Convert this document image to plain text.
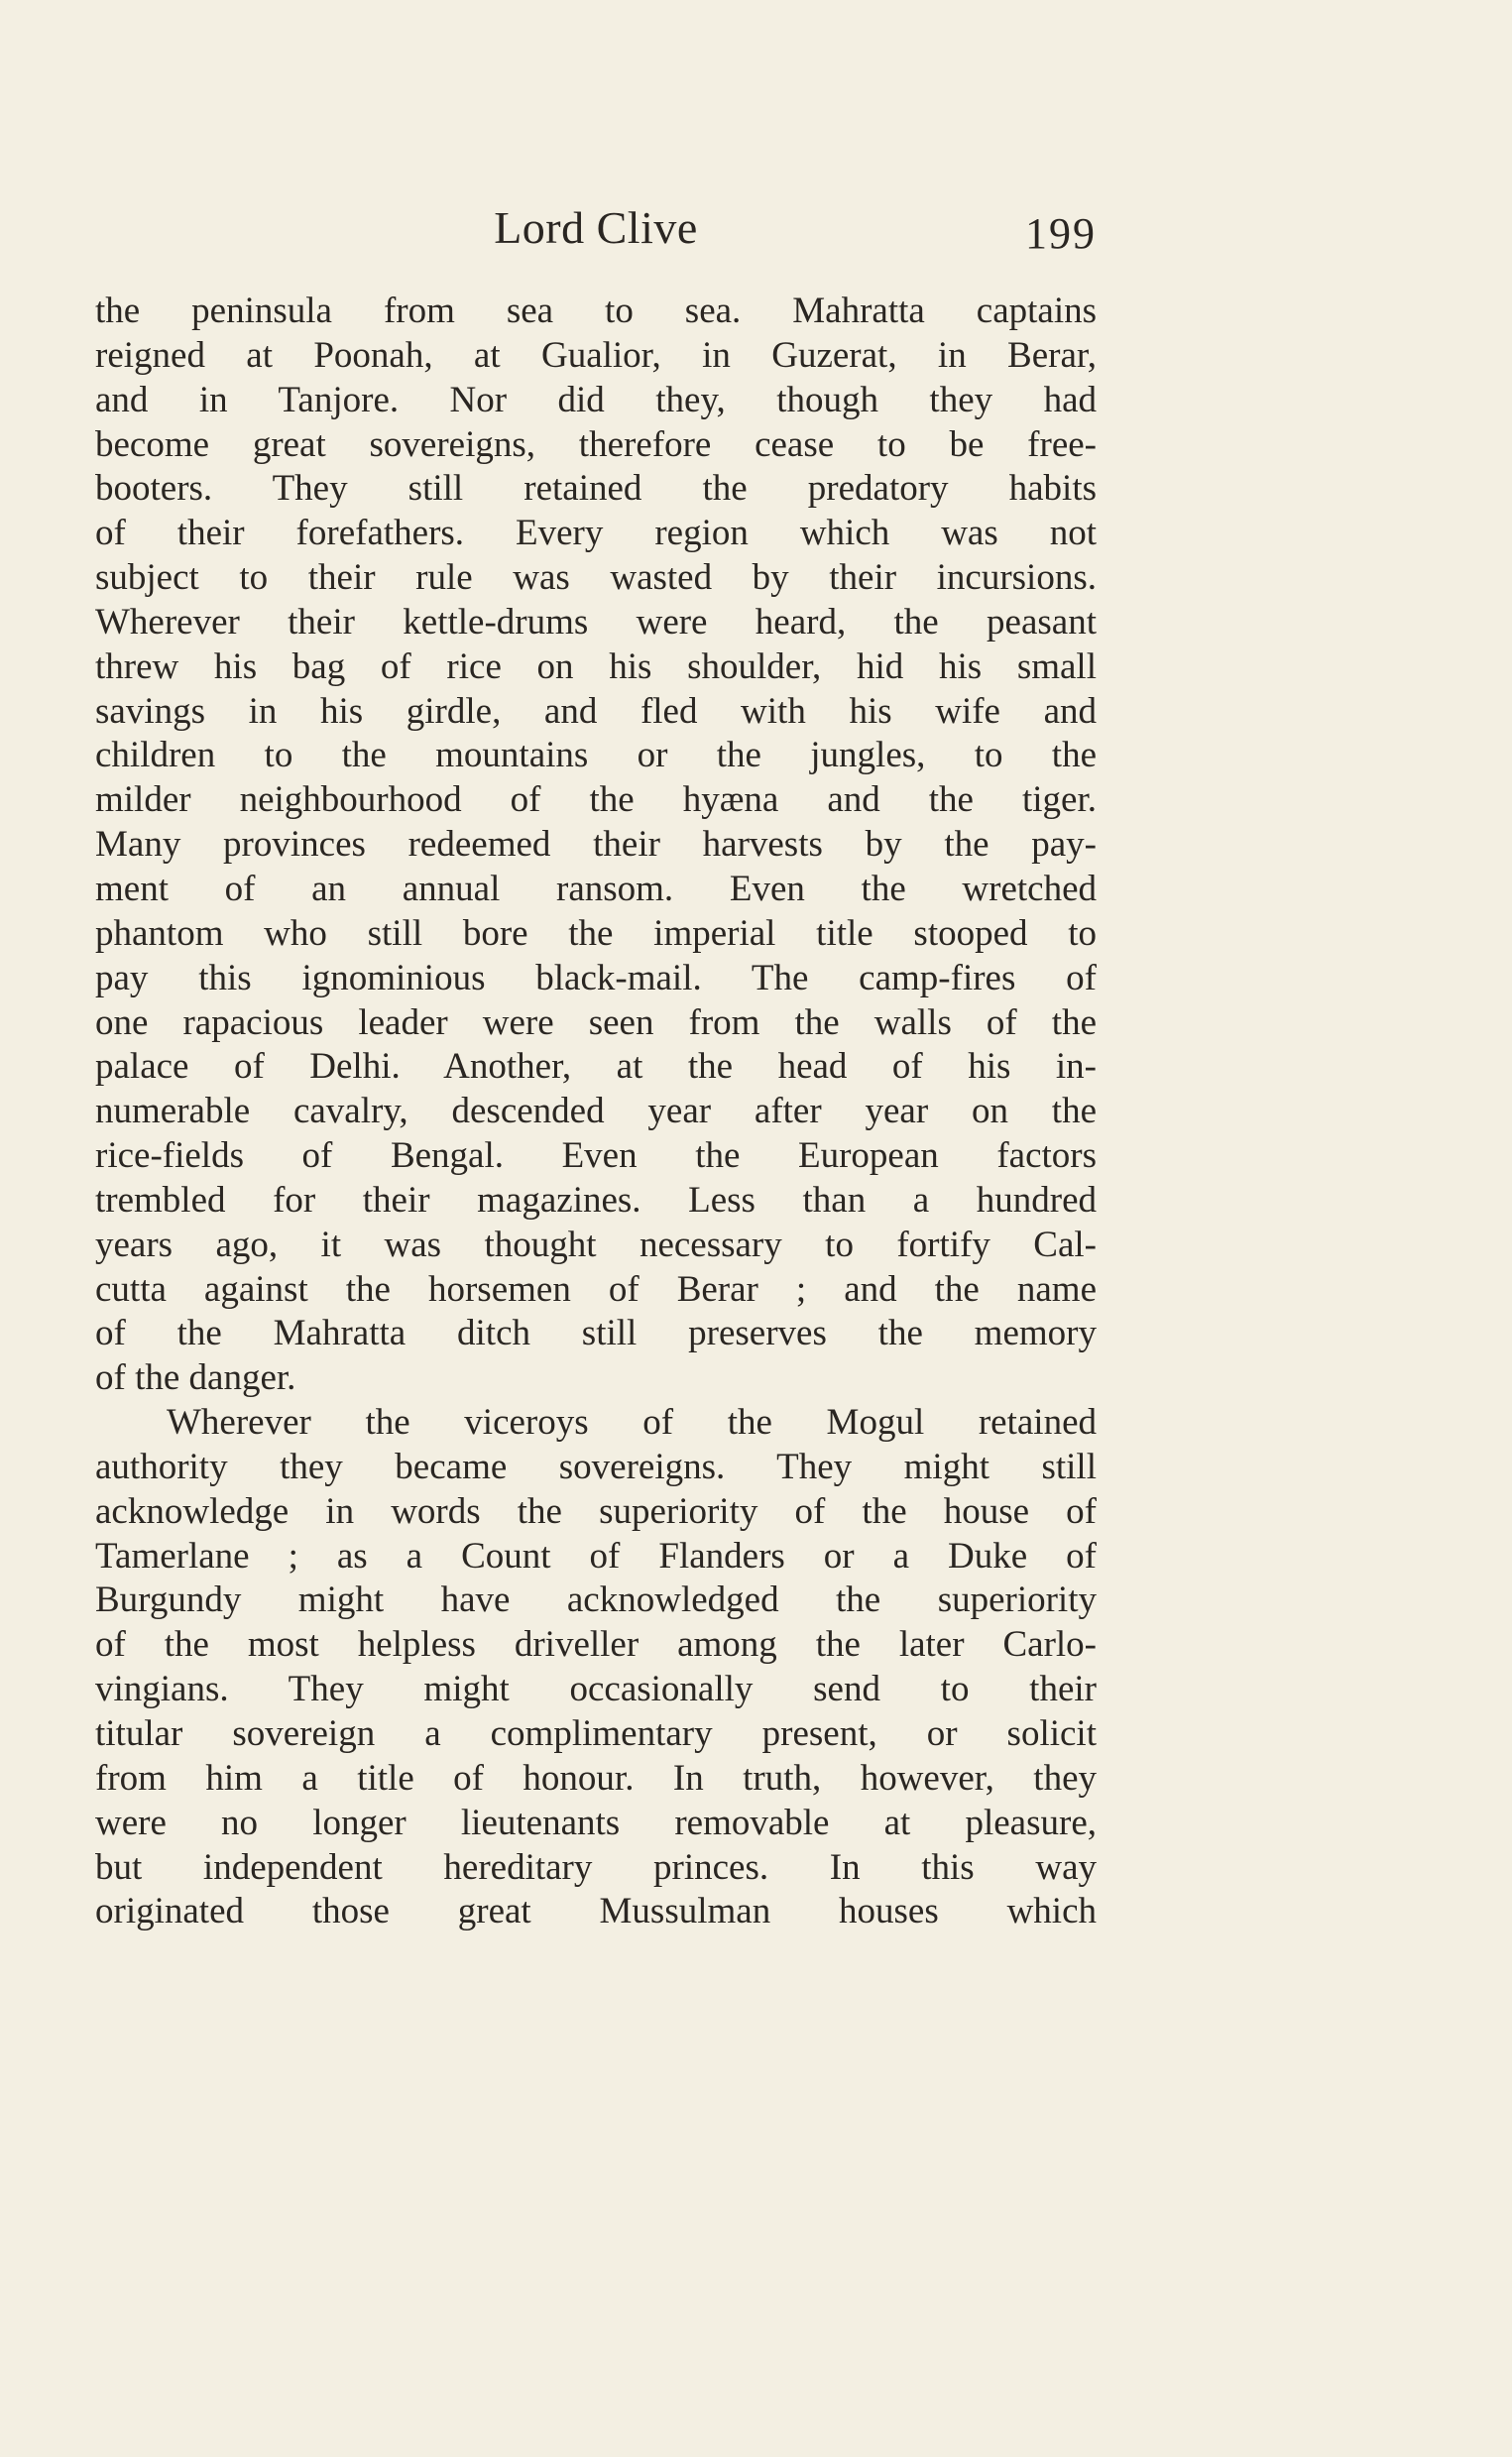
Lord Clive	199
the peninsula from sea to sea. Mahratta captains
reigned at Poonah, at Gualior, in Guzerat, in Berar,
and in Tanjore. Nor did they, though they had
become great sovereigns, therefore cease to be free-
booters. They still retained the predatory habits
of their forefathers. Every region which was not
subject to their rule was wasted by their incursions.
Wherever their kettle-drums were heard, the peasant
threw his bag of rice on his shoulder, hid his small
savings in his girdle, and fled with his wife and
children to the mountains or the jungles, to the
milder neighbourhood of the hyæna and the tiger.
Many provinces redeemed their harvests by the pay-
ment of an annual ransom. Even the wretched
phantom who still bore the imperial title stooped to
pay this ignominious black-mail. The camp-fires of
one rapacious leader were seen from the walls of the
palace of Delhi. Another, at the head of his in-
numerable cavalry, descended year after year on the
rice-fields of Bengal. Even the European factors
trembled for their magazines. Less than a hundred
years ago, it was thought necessary to fortify Cal-
cutta against the horsemen of Berar ; and the name
of the Mahratta ditch still preserves the memory
of the danger.
Wherever the viceroys of the Mogul retained
authority they became sovereigns. They might still
acknowledge in words the superiority of the house of
Tamerlane ; as a Count of Flanders or a Duke of
Burgundy might have acknowledged the superiority
of the most helpless driveller among the later Carlo-
vingians. They might occasionally send to their
titular sovereign a complimentary present, or solicit
from him a title of honour. In truth, however, they
were no longer lieutenants removable at pleasure,
but independent hereditary princes. In this way
originated those great Mussulman houses which
